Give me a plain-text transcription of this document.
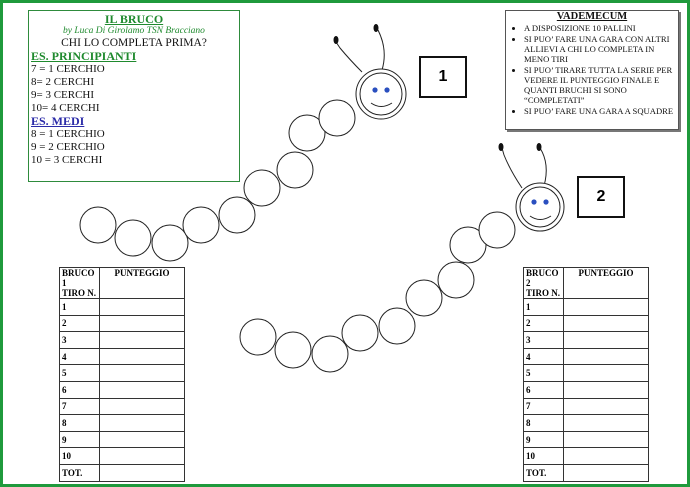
IL BRUCO
by Luca Di Girolamo TSN Bracciano
CHI LO COMPLETA PRIMA?
ES. PRINCIPIANTI
7 = 1 CERCHIO
8= 2 CERCHI
9= 3 CERCHI
10= 4 CERCHI
ES. MEDI
8 = 1 CERCHIO
9 = 2 CERCHIO
10 = 3 CERCHI
VADEMECUM
• A DISPOSIZIONE 10 PALLINI
• SI PUO’ FARE UNA GARA CON ALTRI ALLIEVI A CHI LO COMPLETA IN MENO TIRI
• SI PUO’ TIRARE TUTTA LA SERIE PER VEDERE IL PUNTEGGIO FINALE E QUANTI BRUCHI SI SONO “COMPLETATI”
• SI PUO’ FARE UNA GARA A SQUADRE
1
2
BRUCO 1
TIRO N.	PUNTEGGIO
1	
2	
3	
4	
5	
6	
7	
8	
9	
10	
TOT.	
BRUCO 2
TIRO N.	PUNTEGGIO
1	
2	
3	
4	
5	
6	
7	
8	
9	
10	
TOT.	
